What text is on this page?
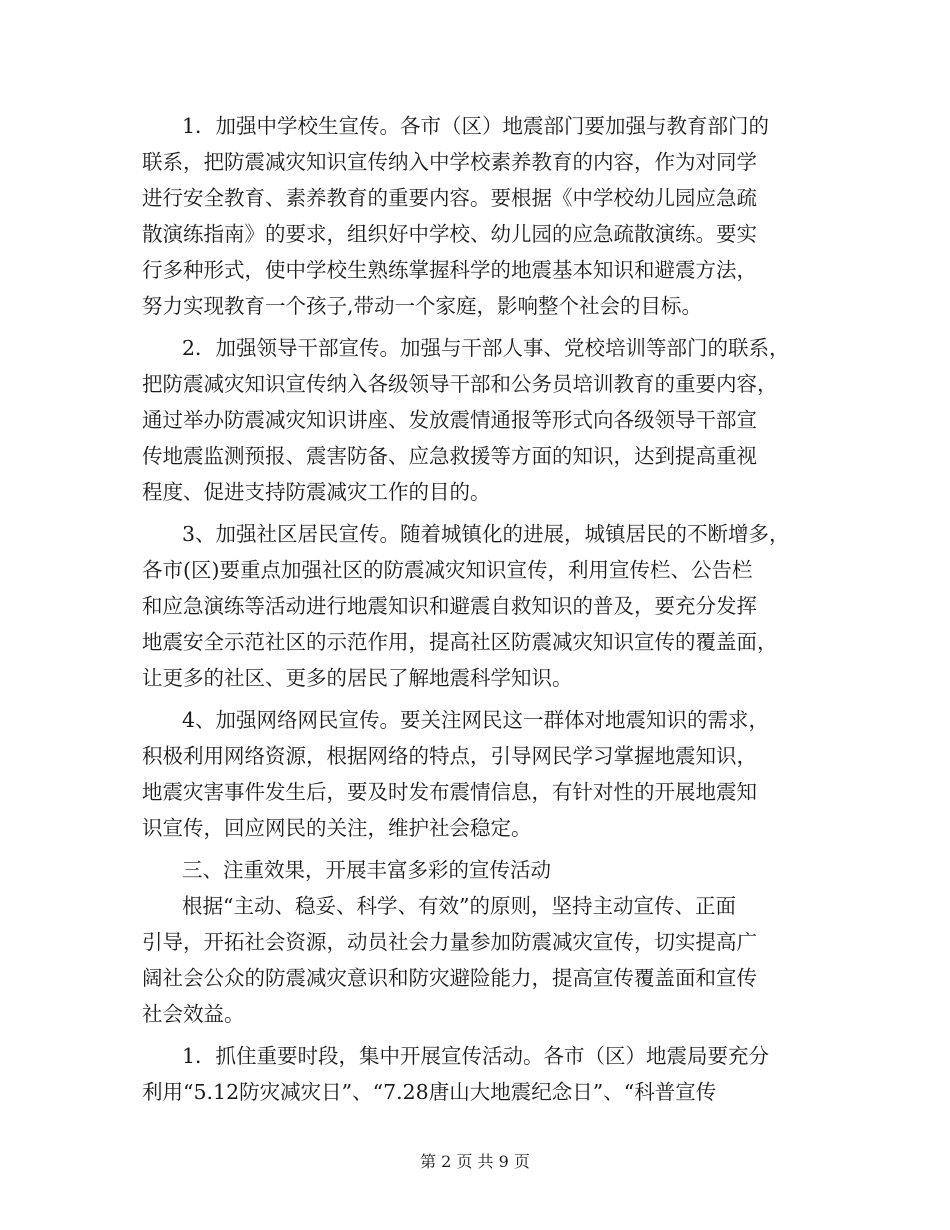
1．加强中学校生宣传。各市（区）地震部门要加强与教育部门的
联系，把防震减灾知识宣传纳入中学校素养教育的内容，作为对同学
进行安全教育、素养教育的重要内容。要根据《中学校幼儿园应急疏
散演练指南》的要求，组织好中学校、幼儿园的应急疏散演练。要实
行多种形式，使中学校生熟练掌握科学的地震基本知识和避震方法，
努力实现教育一个孩子,带动一个家庭，影响整个社会的目标。
2．加强领导干部宣传。加强与干部人事、党校培训等部门的联系，
把防震减灾知识宣传纳入各级领导干部和公务员培训教育的重要内容，
通过举办防震减灾知识讲座、发放震情通报等形式向各级领导干部宣
传地震监测预报、震害防备、应急救援等方面的知识，达到提高重视
程度、促进支持防震减灾工作的目的。
3、加强社区居民宣传。随着城镇化的进展，城镇居民的不断增多，
各市(区)要重点加强社区的防震减灾知识宣传，利用宣传栏、公告栏
和应急演练等活动进行地震知识和避震自救知识的普及，要充分发挥
地震安全示范社区的示范作用，提高社区防震减灾知识宣传的覆盖面，
让更多的社区、更多的居民了解地震科学知识。
4、加强网络网民宣传。要关注网民这一群体对地震知识的需求，
积极利用网络资源，根据网络的特点，引导网民学习掌握地震知识，
地震灾害事件发生后，要及时发布震情信息，有针对性的开展地震知
识宣传，回应网民的关注，维护社会稳定。
三、注重效果，开展丰富多彩的宣传活动
根据“主动、稳妥、科学、有效”的原则，坚持主动宣传、正面
引导，开拓社会资源，动员社会力量参加防震减灾宣传，切实提高广
阔社会公众的防震减灾意识和防灾避险能力，提高宣传覆盖面和宣传
社会效益。
1．抓住重要时段，集中开展宣传活动。各市（区）地震局要充分
利用“5.12防灾减灾日”、“7.28唐山大地震纪念日”、“科普宣传
第 2 页 共 9 页
